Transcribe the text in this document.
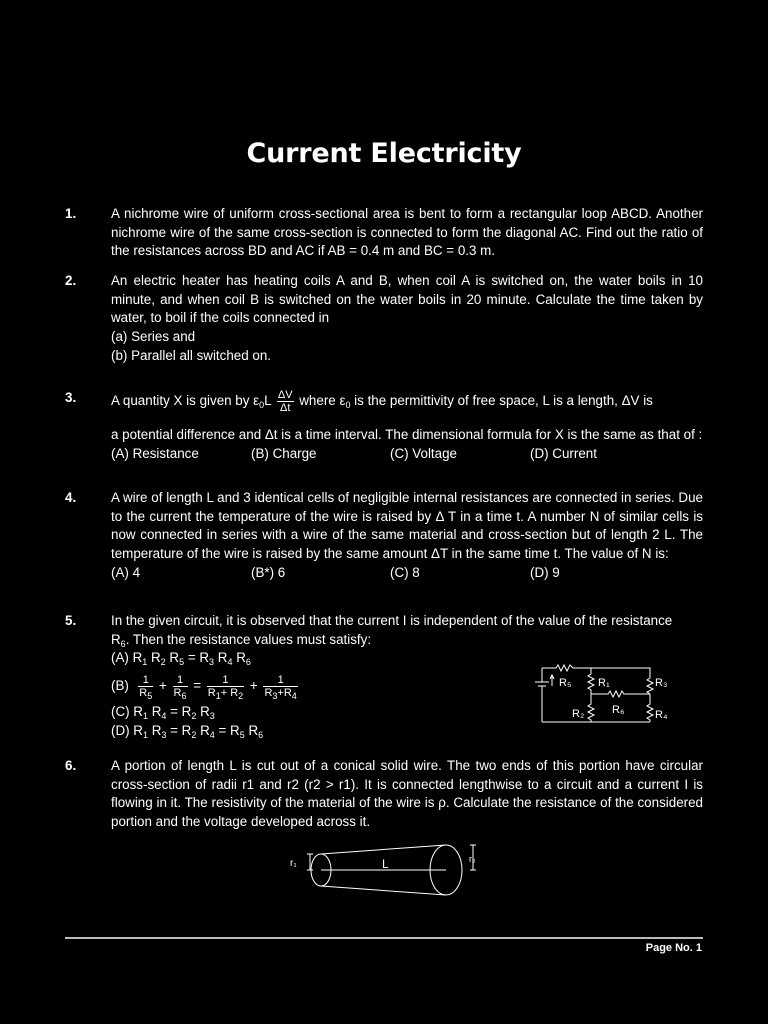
Current Electricity
1.	A nichrome wire of uniform cross-sectional area is bent to form a rectangular loop ABCD. Another nichrome wire of the same cross-section is connected to form the diagonal AC. Find out the ratio of the resistances across BD and AC if AB = 0.4 m and BC = 0.3 m.
2.	An electric heater has heating coils A and B, when coil A is switched on, the water boils in 10 minute, and when coil B is switched on the water boils in 20 minute. Calculate the time taken by water, to boil if the coils connected in
(a) Series and
(b) Parallel all switched on.
3.	A quantity X is given by $\varepsilon_0L \frac{\Delta V}{\Delta t}$ where $\varepsilon_0$ is the permittivity of free space, L is a length, ΔV is
a potential difference and Δt is a time interval. The dimensional formula for X is the same as that of :
(A) Resistance	(B) Charge	(C) Voltage	(D) Current
4.	A wire of length L and 3 identical cells of negligible internal resistances are connected in series. Due to the current the temperature of the wire is raised by Δ T in a time t. A number N of similar cells is now connected in series with a wire of the same material and cross-section but of length 2 L. The temperature of the wire is raised by the same amount ΔT in the same time t. The value of N is:
(A) 4	(B*) 6	(C) 8	(D) 9
5.	In the given circuit, it is observed that the current I is independent of the value of the resistance
$R_6$. Then the resistance values must satisfy:
(A) $R_1$ $R_2$ $R_5 = R_3$ $R_4$ $R_6$
$(B) \frac{1}{R_5} + \frac{1}{R_6} = \frac{1}{R_1+ R_2} + \frac{1}{R_3+R_4}$
(C) $R_1$ $R_4 = R_2$ $R_3$
(D) $R_1$ $R_3 = R_2$ $R_4 = R_5$ $R_6$
R₅ R₁	R₃
R₂	R₆	R₄
6.	A portion of length L is cut out of a conical solid wire. The two ends of this portion have circular cross-section of radii r1 and r2 (r2 > r1). It is connected lengthwise to a circuit and a current I is flowing in it. The resistivity of the material of the wire is ρ. Calculate the resistance of the considered portion and the voltage developed across it.
r₁	L	r₂
Page No. 1
